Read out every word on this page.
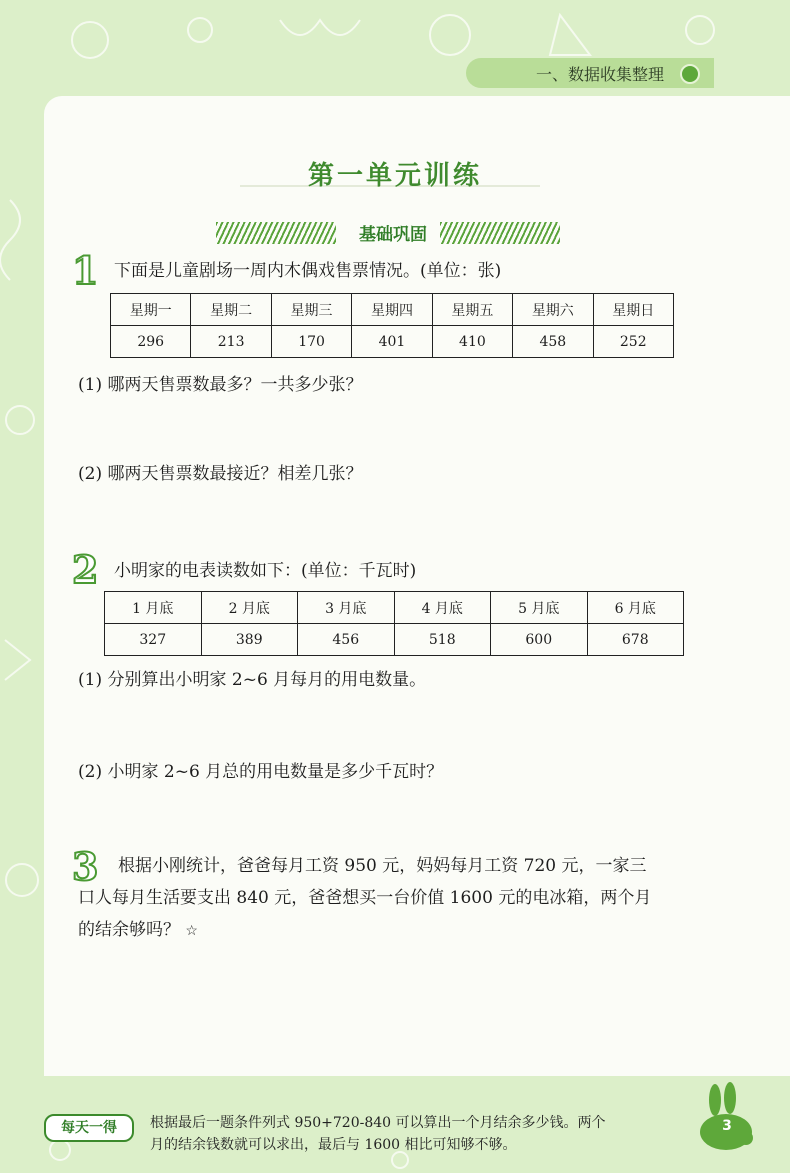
一、数据收集整理
第一单元训练
基础巩固
1 下面是儿童剧场一周内木偶戏售票情况。(单位：张)
星期一	星期二	星期三	星期四	星期五	星期六	星期日
296	213	170	401	410	458	252
(1) 哪两天售票数最多？一共多少张？
(2) 哪两天售票数最接近？相差几张？
2 小明家的电表读数如下：(单位：千瓦时)
1 月底	2 月底	3 月底	4 月底	5 月底	6 月底
327	389	456	518	600	678
(1) 分别算出小明家 2~6 月每月的用电数量。
(2) 小明家 2~6 月总的用电数量是多少千瓦时？
3 根据小刚统计，爸爸每月工资 950 元，妈妈每月工资 720 元，一家三
口人每月生活要支出 840 元，爸爸想买一台价值 1600 元的电冰箱，两个月
的结余够吗？ ☆
每天一得	根据最后一题条件列式 950+720-840 可以算出一个月结余多少钱。两个
月的结余钱数就可以求出，最后与 1600 相比可知够不够。
3
